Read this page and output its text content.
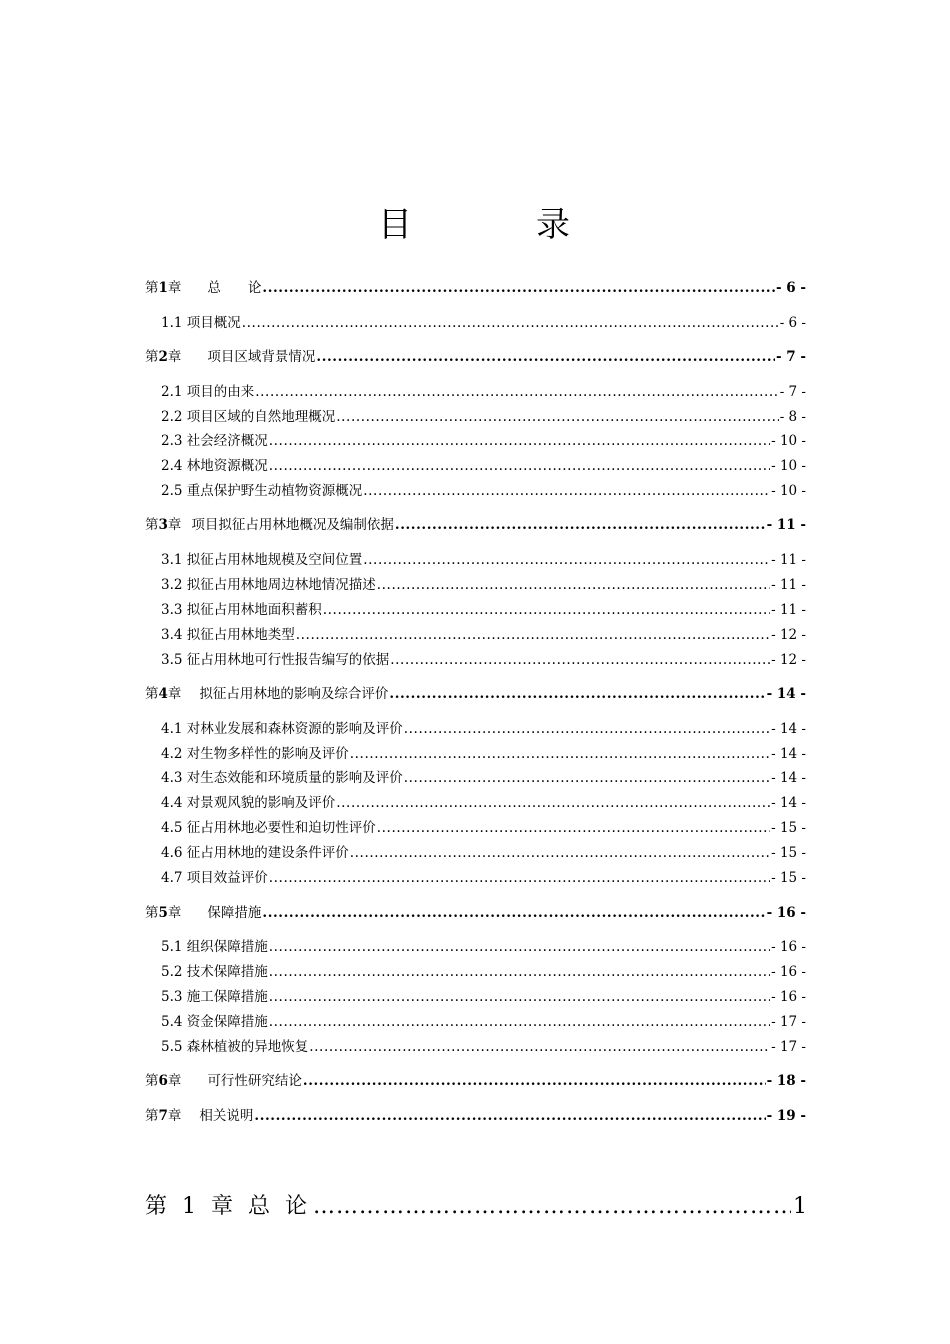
目	录
第1章 总　　论 .....	- 6 -
1.1 项目概况 .....	- 6 -
第2章 项目区域背景情况 .....	- 7 -
2.1 项目的由来 .....	- 7 -
2.2 项目区域的自然地理概况 .....	- 8 -
2.3 社会经济概况 .....	- 10 -
2.4 林地资源概况 .....	- 10 -
2.5 重点保护野生动植物资源概况 .....	- 10 -
第3章 项目拟征占用林地概况及编制依据 .....	- 11 -
3.1 拟征占用林地规模及空间位置 .....	- 11 -
3.2 拟征占用林地周边林地情况描述 .....	- 11 -
3.3 拟征占用林地面积蓄积 .....	- 11 -
3.4 拟征占用林地类型 .....	- 12 -
3.5 征占用林地可行性报告编写的依据 .....	- 12 -
第4章 拟征占用林地的影响及综合评价 .....	- 14 -
4.1 对林业发展和森林资源的影响及评价 .....	- 14 -
4.2 对生物多样性的影响及评价 .....	- 14 -
4.3 对生态效能和环境质量的影响及评价 .....	- 14 -
4.4 对景观风貌的影响及评价 .....	- 14 -
4.5 征占用林地必要性和迫切性评价 .....	- 15 -
4.6 征占用林地的建设条件评价 .....	- 15 -
4.7 项目效益评价 .....	- 15 -
第5章 保障措施 .....	- 16 -
5.1 组织保障措施 .....	- 16 -
5.2 技术保障措施 .....	- 16 -
5.3 施工保障措施 .....	- 16 -
5.4 资金保障措施 .....	- 17 -
5.5 森林植被的异地恢复 .....	- 17 -
第6章 可行性研究结论 .....	- 18 -
第7章 相关说明 .....	- 19 -
第 1 章 总 论 …………………………………………………………………………………………………	1
